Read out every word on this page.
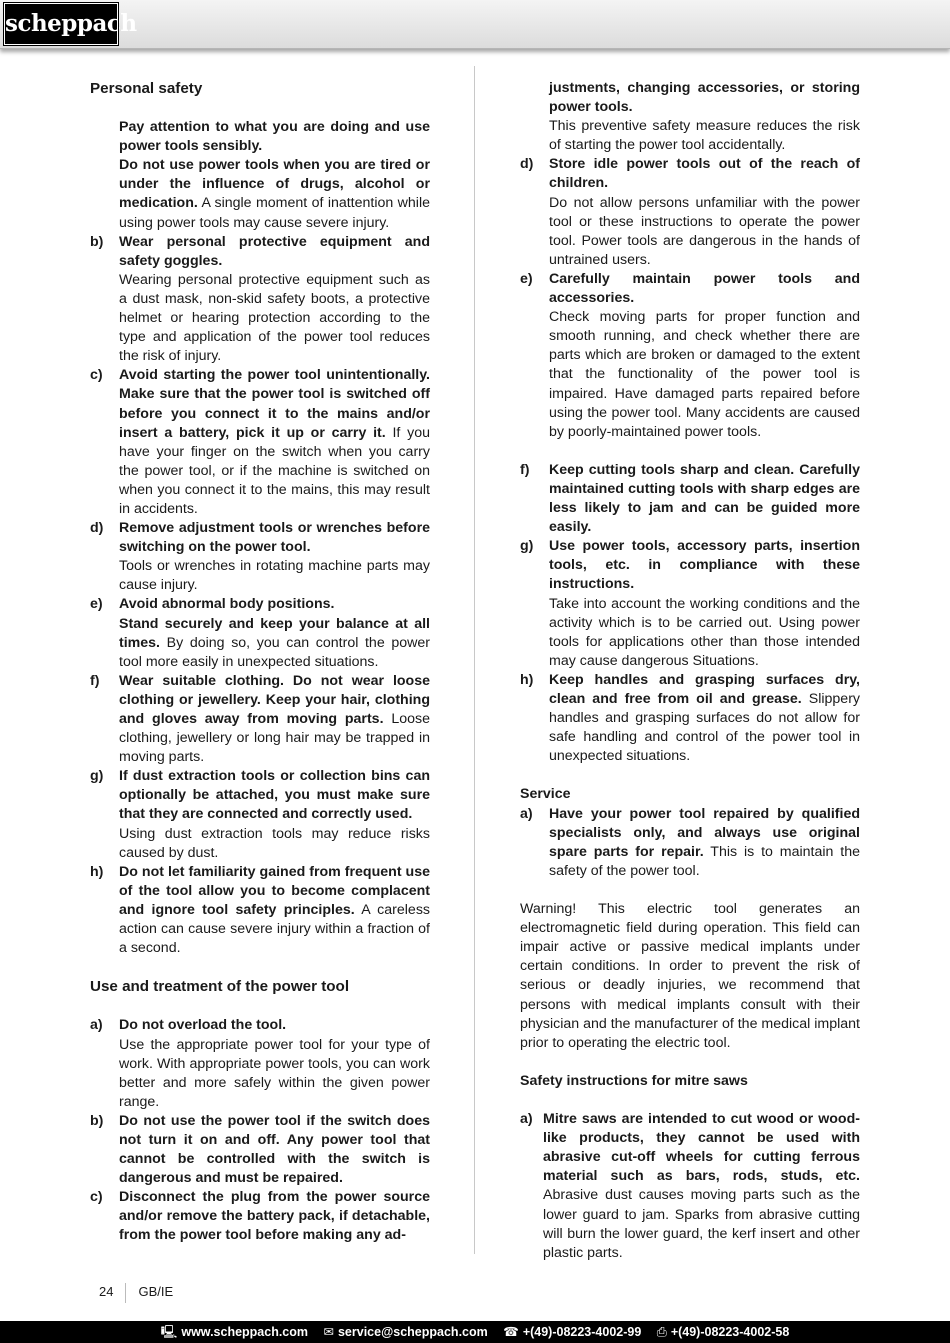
scheppach
Personal safety
Pay attention to what you are doing and use power tools sensibly.
Do not use power tools when you are tired or under the influence of drugs, alcohol or medication. A single moment of inattention while using power tools may cause severe injury.
b) Wear personal protective equipment and safety goggles.
Wearing personal protective equipment such as a dust mask, non-skid safety boots, a protective helmet or hearing protection according to the type and application of the power tool reduces the risk of injury.
c) Avoid starting the power tool unintentionally. Make sure that the power tool is switched off before you connect it to the mains and/or insert a battery, pick it up or carry it. If you have your finger on the switch when you carry the power tool, or if the machine is switched on when you connect it to the mains, this may result in accidents.
d) Remove adjustment tools or wrenches before switching on the power tool.
Tools or wrenches in rotating machine parts may cause injury.
e) Avoid abnormal body positions.
Stand securely and keep your balance at all times. By doing so, you can control the power tool more easily in unexpected situations.
f) Wear suitable clothing. Do not wear loose clothing or jewellery. Keep your hair, clothing and gloves away from moving parts. Loose clothing, jewellery or long hair may be trapped in moving parts.
g) If dust extraction tools or collection bins can optionally be attached, you must make sure that they are connected and correctly used.
Using dust extraction tools may reduce risks caused by dust.
h) Do not let familiarity gained from frequent use of the tool allow you to become complacent and ignore tool safety principles. A careless action can cause severe injury within a fraction of a second.
Use and treatment of the power tool
a) Do not overload the tool.
Use the appropriate power tool for your type of work. With appropriate power tools, you can work better and more safely within the given power range.
b) Do not use the power tool if the switch does not turn it on and off. Any power tool that cannot be controlled with the switch is dangerous and must be repaired.
c) Disconnect the plug from the power source and/or remove the battery pack, if detachable, from the power tool before making any ad-
justments, changing accessories, or storing power tools.
This preventive safety measure reduces the risk of starting the power tool accidentally.
d) Store idle power tools out of the reach of children.
Do not allow persons unfamiliar with the power tool or these instructions to operate the power tool. Power tools are dangerous in the hands of untrained users.
e) Carefully maintain power tools and accessories.
Check moving parts for proper function and smooth running, and check whether there are parts which are broken or damaged to the extent that the functionality of the power tool is impaired. Have damaged parts repaired before using the power tool. Many accidents are caused by poorly-maintained power tools.
f) Keep cutting tools sharp and clean. Carefully maintained cutting tools with sharp edges are less likely to jam and can be guided more easily.
g) Use power tools, accessory parts, insertion tools, etc. in compliance with these instructions.
Take into account the working conditions and the activity which is to be carried out. Using power tools for applications other than those intended may cause dangerous Situations.
h) Keep handles and grasping surfaces dry, clean and free from oil and grease. Slippery handles and grasping surfaces do not allow for safe handling and control of the power tool in unexpected situations.
Service
a) Have your power tool repaired by qualified specialists only, and always use original spare parts for repair. This is to maintain the safety of the power tool.
Warning! This electric tool generates an electromagnetic field during operation. This field can impair active or passive medical implants under certain conditions. In order to prevent the risk of serious or deadly injuries, we recommend that persons with medical implants consult with their physician and the manufacturer of the medical implant prior to operating the electric tool.
Safety instructions for mitre saws
a) Mitre saws are intended to cut wood or wood-like products, they cannot be used with abrasive cut-off wheels for cutting ferrous material such as bars, rods, studs, etc. Abrasive dust causes moving parts such as the lower guard to jam. Sparks from abrasive cutting will burn the lower guard, the kerf insert and other plastic parts.
24 GB/IE
🖳 www.scheppach.com ✉ service@scheppach.com ☎ +(49)-08223-4002-99 ⎙ +(49)-08223-4002-58
